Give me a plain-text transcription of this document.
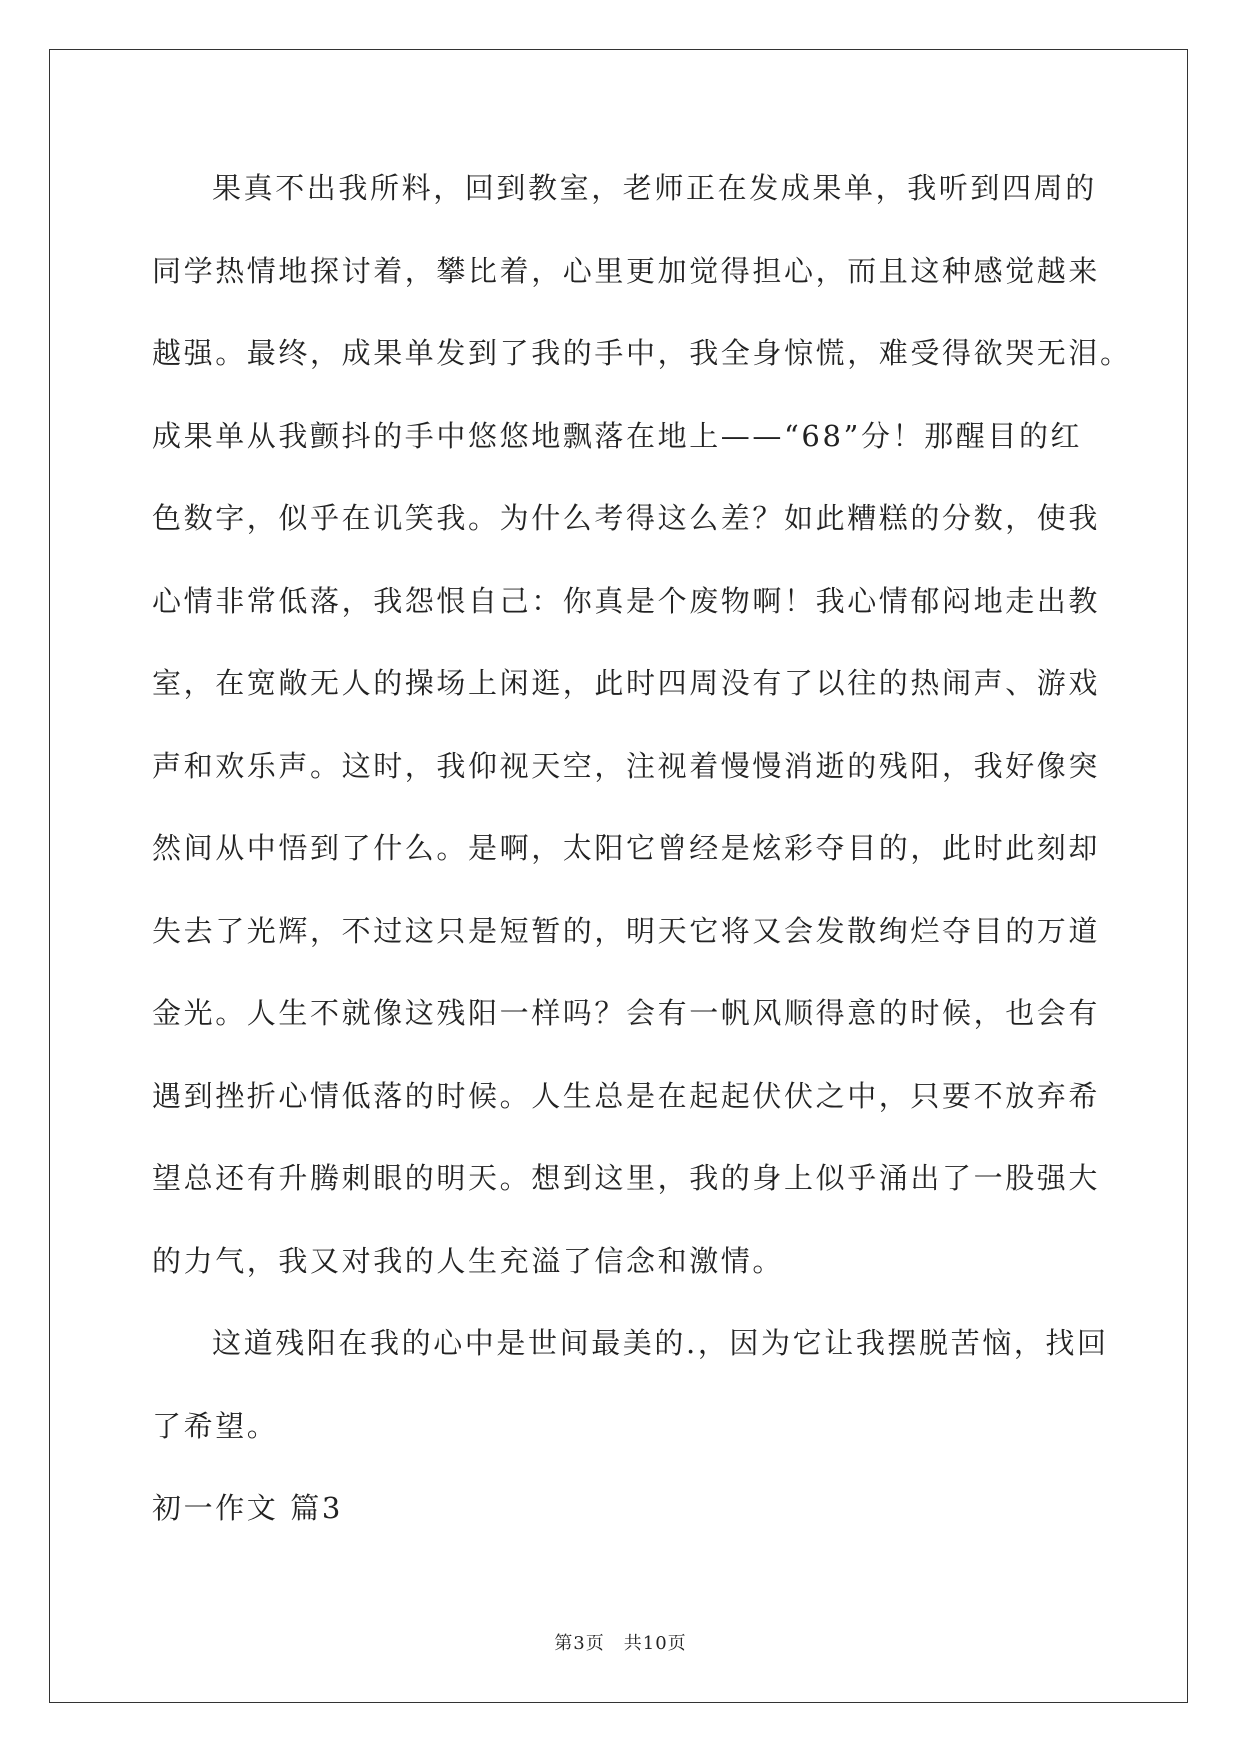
果真不出我所料，回到教室，老师正在发成果单，我听到四周的
同学热情地探讨着，攀比着，心里更加觉得担心，而且这种感觉越来
越强。最终，成果单发到了我的手中，我全身惊慌，难受得欲哭无泪。
成果单从我颤抖的手中悠悠地飘落在地上——“68”分！那醒目的红
色数字，似乎在讥笑我。为什么考得这么差？如此糟糕的分数，使我
心情非常低落，我怨恨自己：你真是个废物啊！我心情郁闷地走出教
室，在宽敞无人的操场上闲逛，此时四周没有了以往的热闹声、游戏
声和欢乐声。这时，我仰视天空，注视着慢慢消逝的残阳，我好像突
然间从中悟到了什么。是啊，太阳它曾经是炫彩夺目的，此时此刻却
失去了光辉，不过这只是短暂的，明天它将又会发散绚烂夺目的万道
金光。人生不就像这残阳一样吗？会有一帆风顺得意的时候，也会有
遇到挫折心情低落的时候。人生总是在起起伏伏之中，只要不放弃希
望总还有升腾刺眼的明天。想到这里，我的身上似乎涌出了一股强大
的力气，我又对我的人生充溢了信念和激情。
这道残阳在我的心中是世间最美的.，因为它让我摆脱苦恼，找回
了希望。
初一作文 篇3
第3页　共10页
